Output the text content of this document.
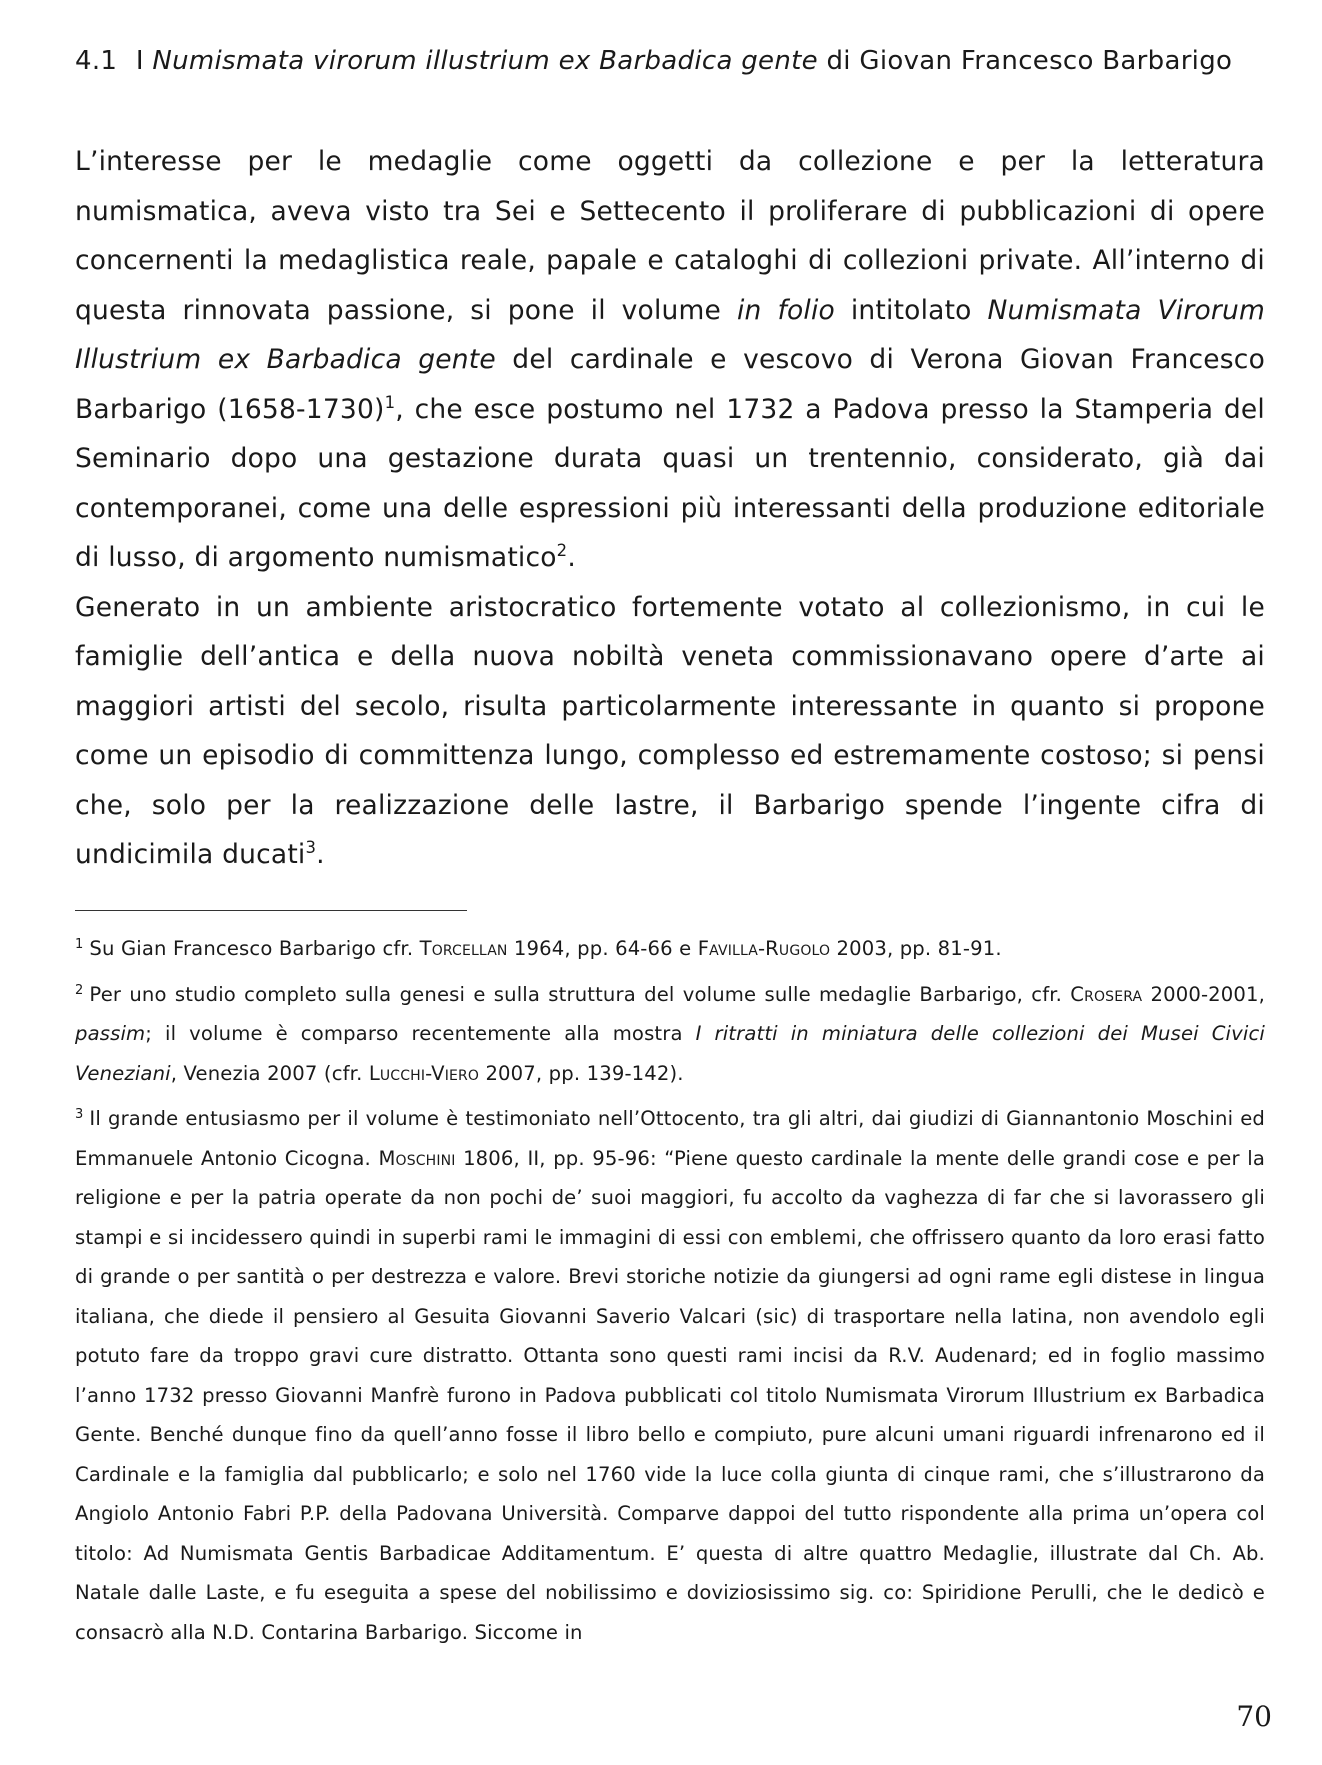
4.1 I Numismata virorum illustrium ex Barbadica gente di Giovan Francesco Barbarigo

L’interesse per le medaglie come oggetti da collezione e per la letteratura numismatica, aveva visto tra Sei e Settecento il proliferare di pubblicazioni di opere concernenti la medaglistica reale, papale e cataloghi di collezioni private. All’interno di questa rinnovata passione, si pone il volume in folio intitolato Numismata Virorum Illustrium ex Barbadica gente del cardinale e vescovo di Verona Giovan Francesco Barbarigo (1658-1730)$^1$, che esce postumo nel 1732 a Padova presso la Stamperia del Seminario dopo una gestazione durata quasi un trentennio, considerato, già dai contemporanei, come una delle espressioni più interessanti della produzione editoriale di lusso, di argomento numismatico$^2$.

Generato in un ambiente aristocratico fortemente votato al collezionismo, in cui le famiglie dell’antica e della nuova nobiltà veneta commissionavano opere d’arte ai maggiori artisti del secolo, risulta particolarmente interessante in quanto si propone come un episodio di committenza lungo, complesso ed estremamente costoso; si pensi che, solo per la realizzazione delle lastre, il Barbarigo spende l’ingente cifra di undicimila ducati$^3$.

$^1$ Su Gian Francesco Barbarigo cfr. Torcellan 1964, pp. 64-66 e Favilla-Rugolo 2003, pp. 81-91.

$^2$ Per uno studio completo sulla genesi e sulla struttura del volume sulle medaglie Barbarigo, cfr. Crosera 2000-2001, passim; il volume è comparso recentemente alla mostra I ritratti in miniatura delle collezioni dei Musei Civici Veneziani, Venezia 2007 (cfr. Lucchi-Viero 2007, pp. 139-142).

$^3$ Il grande entusiasmo per il volume è testimoniato nell’Ottocento, tra gli altri, dai giudizi di Giannantonio Moschini ed Emmanuele Antonio Cicogna. Moschini 1806, II, pp. 95-96: “Piene questo cardinale la mente delle grandi cose e per la religione e per la patria operate da non pochi de’ suoi maggiori, fu accolto da vaghezza di far che si lavorassero gli stampi e si incidessero quindi in superbi rami le immagini di essi con emblemi, che offrissero quanto da loro erasi fatto di grande o per santità o per destrezza e valore. Brevi storiche notizie da giungersi ad ogni rame egli distese in lingua italiana, che diede il pensiero al Gesuita Giovanni Saverio Valcari (sic) di trasportare nella latina, non avendolo egli potuto fare da troppo gravi cure distratto. Ottanta sono questi rami incisi da R.V. Audenard; ed in foglio massimo l’anno 1732 presso Giovanni Manfrè furono in Padova pubblicati col titolo Numismata Virorum Illustrium ex Barbadica Gente. Benché dunque fino da quell’anno fosse il libro bello e compiuto, pure alcuni umani riguardi infrenarono ed il Cardinale e la famiglia dal pubblicarlo; e solo nel 1760 vide la luce colla giunta di cinque rami, che s’illustrarono da Angiolo Antonio Fabri P.P. della Padovana Università. Comparve dappoi del tutto rispondente alla prima un’opera col titolo: Ad Numismata Gentis Barbadicae Additamentum. E’ questa di altre quattro Medaglie, illustrate dal Ch. Ab. Natale dalle Laste, e fu eseguita a spese del nobilissimo e doviziosissimo sig. co: Spiridione Perulli, che le dedicò e consacrò alla N.D. Contarina Barbarigo. Siccome in

70
